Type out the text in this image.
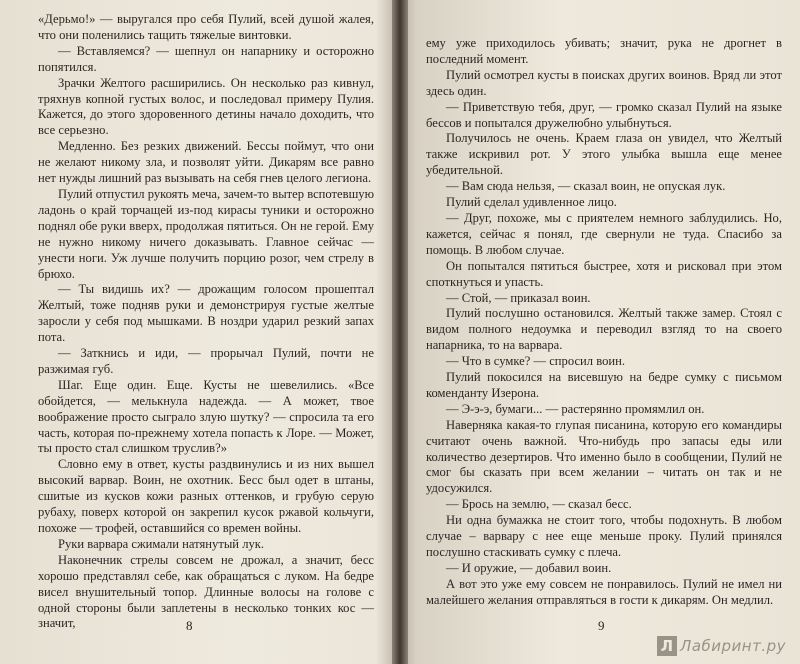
«Дерьмо!» — выругался про себя Пулий, всей душой жалея, что они поленились тащить тяжелые винтовки.

— Вставляемся? — шепнул он напарнику и осторожно попятился.

Зрачки Желтого расширились. Он несколько раз кивнул, тряхнув копной густых волос, и последовал примеру Пулия. Кажется, до этого здоровенного детины начало доходить, что все серьезно.

Медленно. Без резких движений. Бессы поймут, что они не желают никому зла, и позволят уйти. Дикарям все равно нет нужды лишний раз вызывать на себя гнев целого легиона.

Пулий отпустил рукоять меча, зачем-то вытер вспотевшую ладонь о край торчащей из-под кирасы туники и осторожно поднял обе руки вверх, продолжая пятиться. Он не герой. Ему не нужно никому ничего доказывать. Главное сейчас — унести ноги. Уж лучше получить порцию розог, чем стрелу в брюхо.

— Ты видишь их? — дрожащим голосом прошептал Желтый, тоже подняв руки и демонстрируя густые желтые заросли у себя под мышками. В ноздри ударил резкий запах пота.

— Заткнись и иди, — прорычал Пулий, почти не разжимая губ.

Шаг. Еще один. Еще. Кусты не шевелились. «Все обойдется, — мелькнула надежда. — А может, твое воображение просто сыграло злую шутку? — спросила та его часть, которая по-прежнему хотела попасть к Лоре. — Может, ты просто стал слишком труслив?»

Словно ему в ответ, кусты раздвинулись и из них вышел высокий варвар. Воин, не охотник. Бесс был одет в штаны, сшитые из кусков кожи разных оттенков, и грубую серую рубаху, поверх которой он закрепил кусок ржавой кольчуги, похоже — трофей, оставшийся со времен войны.

Руки варвара сжимали натянутый лук.

Наконечник стрелы совсем не дрожал, а значит, бесс хорошо представлял себе, как обращаться с луком. На бедре висел внушительный топор. Длинные волосы на голове с одной стороны были заплетены в несколько тонких кос — значит,	8

ему уже приходилось убивать; значит, рука не дрогнет в последний момент.

Пулий осмотрел кусты в поисках других воинов. Вряд ли этот здесь один.

— Приветствую тебя, друг, — громко сказал Пулий на языке бессов и попытался дружелюбно улыбнуться.

Получилось не очень. Краем глаза он увидел, что Желтый также искривил рот. У этого улыбка вышла еще менее убедительной.

— Вам сюда нельзя, — сказал воин, не опуская лук.

Пулий сделал удивленное лицо.

— Друг, похоже, мы с приятелем немного заблудились. Но, кажется, сейчас я понял, где свернули не туда. Спасибо за помощь. В любом случае.

Он попытался пятиться быстрее, хотя и рисковал при этом споткнуться и упасть.

— Стой, — приказал воин.

Пулий послушно остановился. Желтый также замер. Стоял с видом полного недоумка и переводил взгляд то на своего напарника, то на варвара.

— Что в сумке? — спросил воин.

Пулий покосился на висевшую на бедре сумку с письмом коменданту Изерона.

— Э-э-э, бумаги... — растерянно промямлил он.

Наверняка какая-то глупая писанина, которую его командиры считают очень важной. Что-нибудь про запасы еды или количество дезертиров. Что именно было в сообщении, Пулий не смог бы сказать при всем желании – читать он так и не удосужился.

— Брось на землю, — сказал бесс.

Ни одна бумажка не стоит того, чтобы подохнуть. В любом случае – варвару с нее еще меньше проку. Пулий принялся послушно стаскивать сумку с плеча.

— И оружие, — добавил воин.

А вот это уже ему совсем не понравилось. Пулий не имел ни малейшего желания отправляться в гости к дикарям. Он медлил.

9
Л Лабиринт.ру
